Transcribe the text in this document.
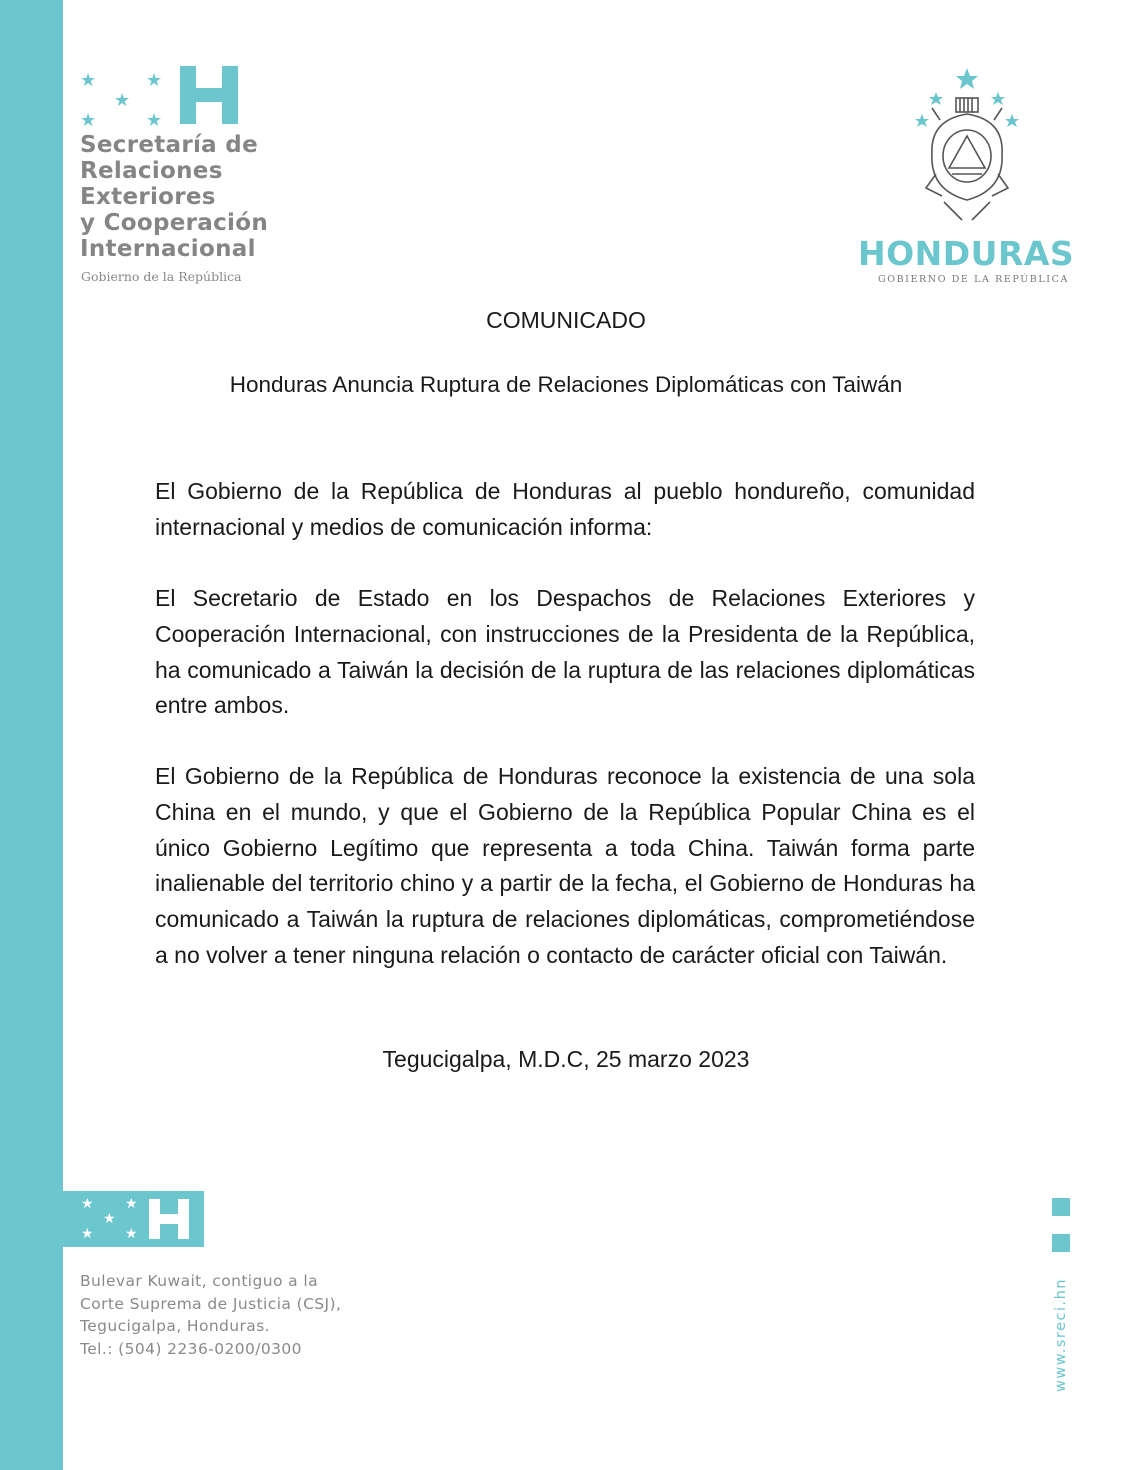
★	★
★
★	★
Secretaría de
Relaciones
Exteriores
y Cooperación
Internacional
Gobierno de la República
HONDURAS
GOBIERNO DE LA REPÚBLICA
COMUNICADO
Honduras Anuncia Ruptura de Relaciones Diplomáticas con Taiwán

El Gobierno de la República de Honduras al pueblo hondureño, comunidad internacional y medios de comunicación informa:

El Secretario de Estado en los Despachos de Relaciones Exteriores y Cooperación Internacional, con instrucciones de la Presidenta de la República, ha comunicado a Taiwán la decisión de la ruptura de las relaciones diplomáticas entre ambos.

El Gobierno de la República de Honduras reconoce la existencia de una sola China en el mundo, y que el Gobierno de la República Popular China es el único Gobierno Legítimo que representa a toda China. Taiwán forma parte inalienable del territorio chino y a partir de la fecha, el Gobierno de Honduras ha comunicado a Taiwán la ruptura de relaciones diplomáticas, comprometiéndose a no volver a tener ninguna relación o contacto de carácter oficial con Taiwán.

Tegucigalpa, M.D.C, 25 marzo 2023
★ ★
★
★ ★
Bulevar Kuwait, contiguo a la
Corte Suprema de Justicia (CSJ),
Tegucigalpa, Honduras.
Tel.: (504) 2236-0200/0300	www.sreci.hn
